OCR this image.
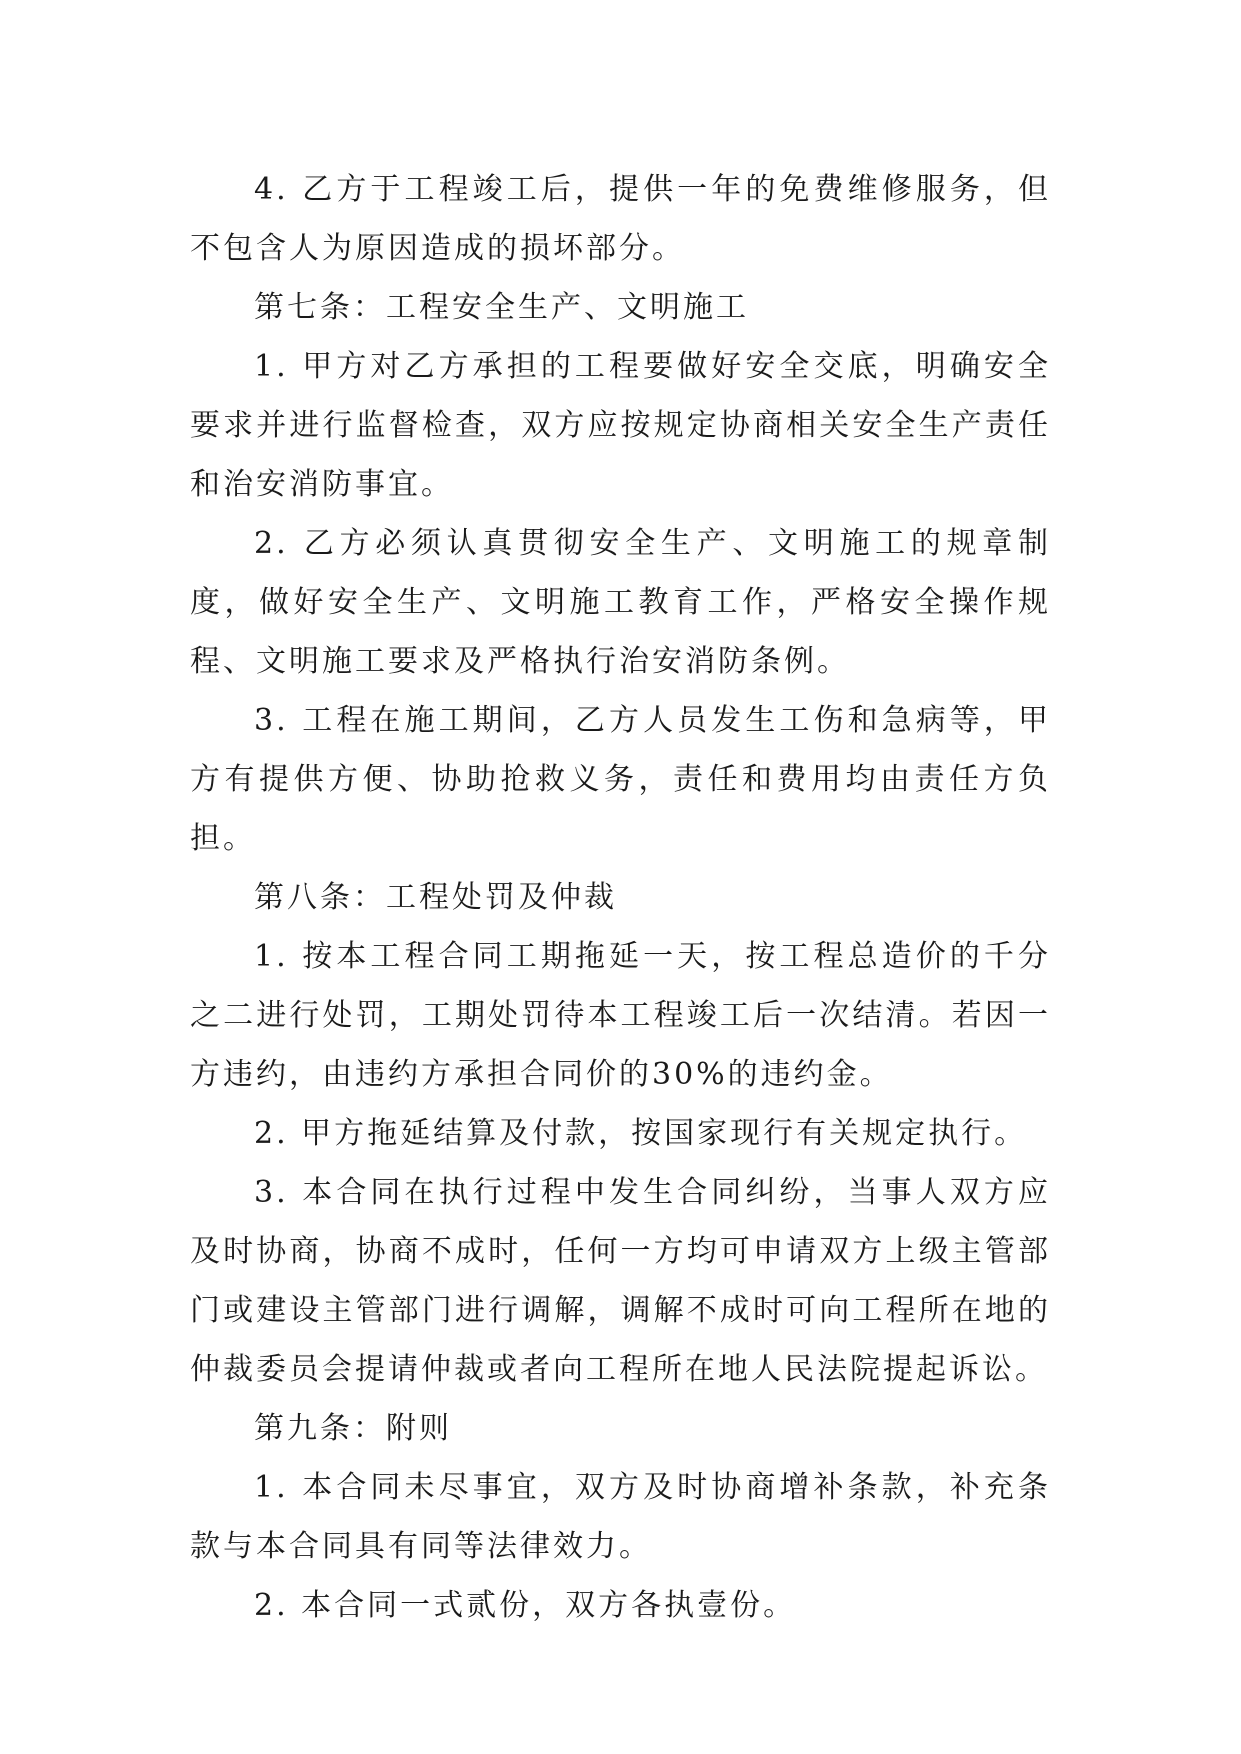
4. 乙方于工程竣工后，提供一年的免费维修服务，但不包含人为原因造成的损坏部分。

第七条：工程安全生产、文明施工

1. 甲方对乙方承担的工程要做好安全交底，明确安全要求并进行监督检查，双方应按规定协商相关安全生产责任和治安消防事宜。

2. 乙方必须认真贯彻安全生产、文明施工的规章制度，做好安全生产、文明施工教育工作，严格安全操作规程、文明施工要求及严格执行治安消防条例。

3. 工程在施工期间，乙方人员发生工伤和急病等，甲方有提供方便、协助抢救义务，责任和费用均由责任方负担。

第八条：工程处罚及仲裁

1. 按本工程合同工期拖延一天，按工程总造价的千分之二进行处罚，工期处罚待本工程竣工后一次结清。若因一方违约，由违约方承担合同价的30%的违约金。

2. 甲方拖延结算及付款，按国家现行有关规定执行。

3. 本合同在执行过程中发生合同纠纷，当事人双方应及时协商，协商不成时，任何一方均可申请双方上级主管部门或建设主管部门进行调解，调解不成时可向工程所在地的仲裁委员会提请仲裁或者向工程所在地人民法院提起诉讼。

第九条：附则

1. 本合同未尽事宜，双方及时协商增补条款，补充条款与本合同具有同等法律效力。

2. 本合同一式贰份，双方各执壹份。
